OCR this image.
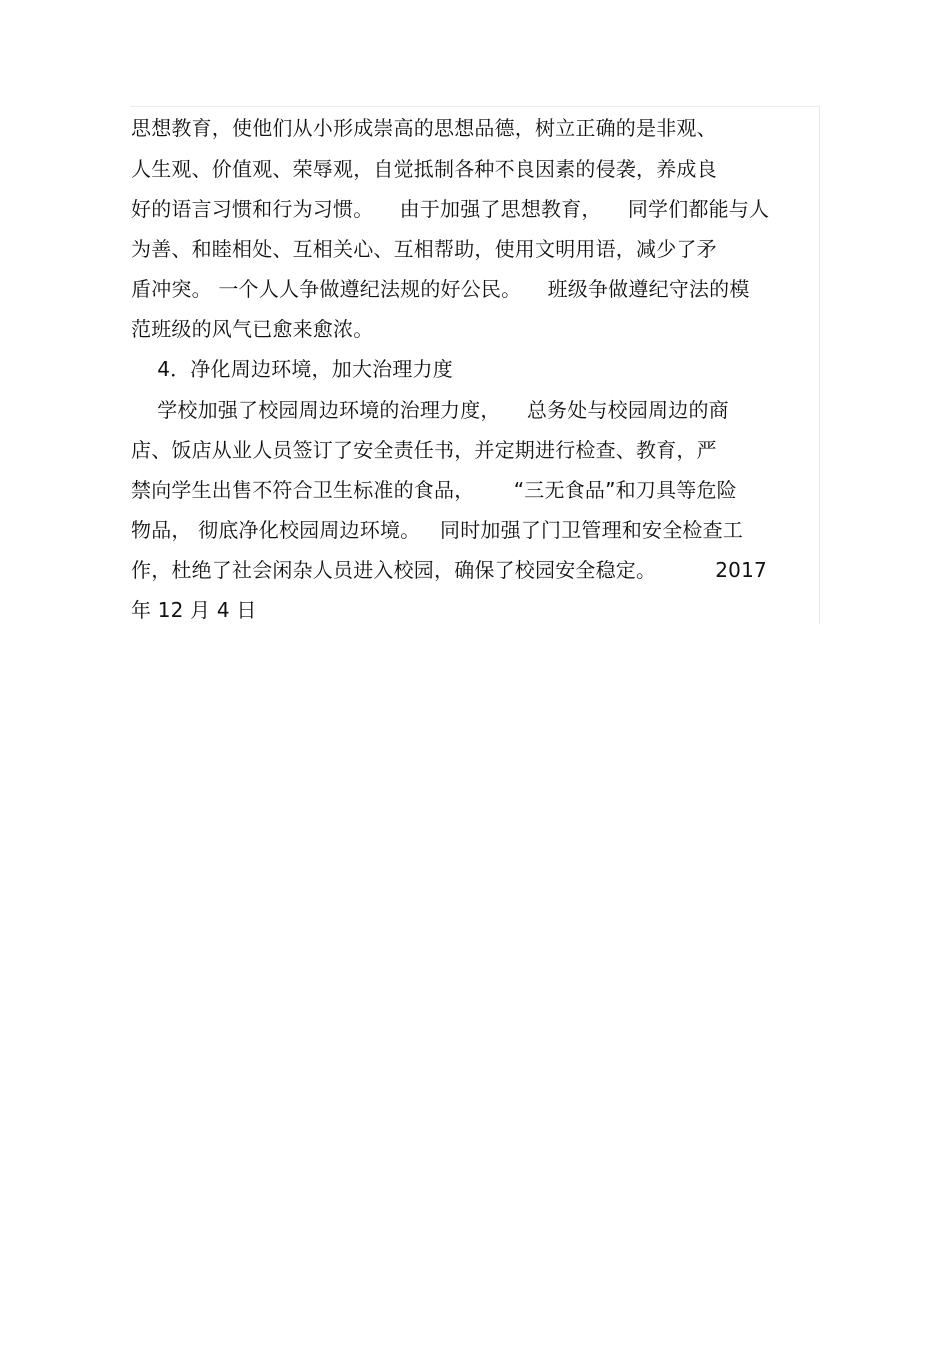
思想教育，使他们从小形成崇高的思想品德，树立正确的是非观、
人生观、价值观、荣辱观，自觉抵制各种不良因素的侵袭，养成良
好的语言习惯和行为习惯。    由于加强了思想教育，    同学们都能与人
为善、和睦相处、互相关心、互相帮助，使用文明用语，减少了矛
盾冲突。 一个人人争做遵纪法规的好公民。    班级争做遵纪守法的模
范班级的风气已愈来愈浓。
4．净化周边环境，加大治理力度
学校加强了校园周边环境的治理力度，    总务处与校园周边的商
店、饭店从业人员签订了安全责任书，并定期进行检查、教育，严
禁向学生出售不符合卫生标准的食品，      “三无食品”和刀具等危险
物品， 彻底净化校园周边环境。   同时加强了门卫管理和安全检查工
作，杜绝了社会闲杂人员进入校园，确保了校园安全稳定。         2017
年 12 月 4 日
